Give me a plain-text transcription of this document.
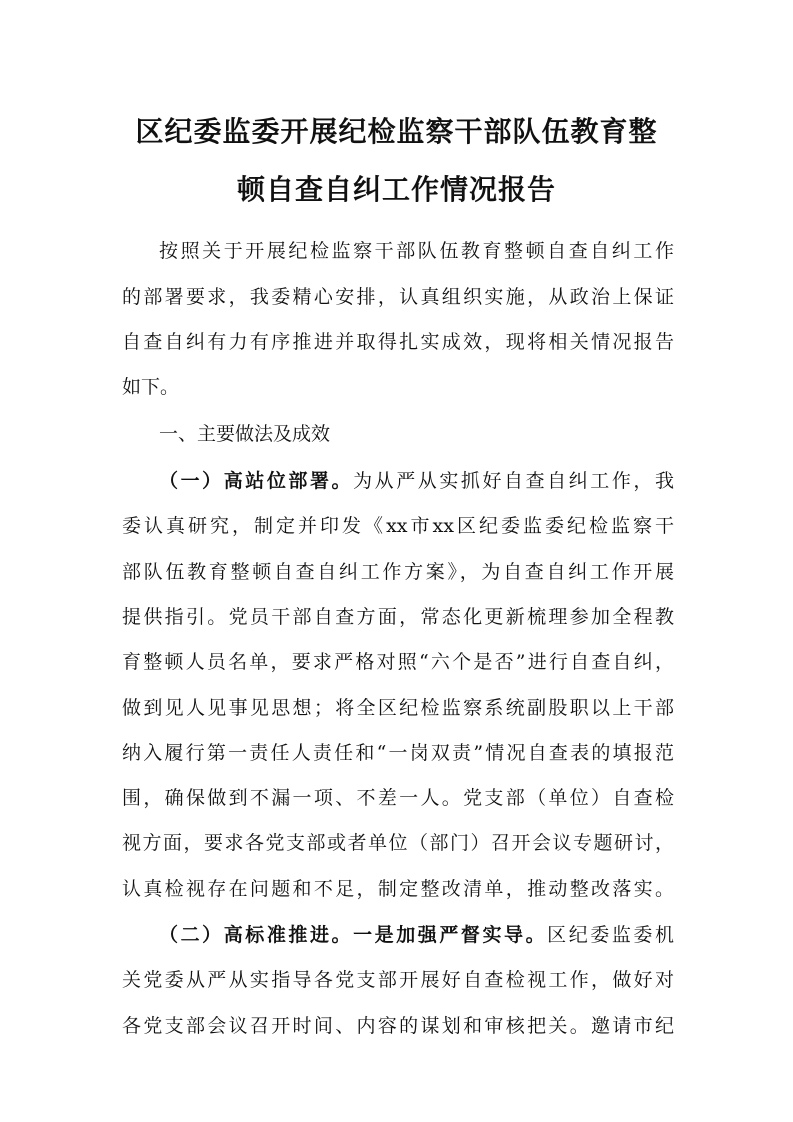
区纪委监委开展纪检监察干部队伍教育整
顿自查自纠工作情况报告
按照关于开展纪检监察干部队伍教育整顿自查自纠工作
的部署要求，我委精心安排，认真组织实施，从政治上保证
自查自纠有力有序推进并取得扎实成效，现将相关情况报告
如下。
一、主要做法及成效
（一）高站位部署。为从严从实抓好自查自纠工作，我
委认真研究，制定并印发《xx市xx区纪委监委纪检监察干
部队伍教育整顿自查自纠工作方案》，为自查自纠工作开展
提供指引。党员干部自查方面，常态化更新梳理参加全程教
育整顿人员名单，要求严格对照“六个是否”进行自查自纠，
做到见人见事见思想；将全区纪检监察系统副股职以上干部
纳入履行第一责任人责任和“一岗双责”情况自查表的填报范
围，确保做到不漏一项、不差一人。党支部（单位）自查检
视方面，要求各党支部或者单位（部门）召开会议专题研讨，
认真检视存在问题和不足，制定整改清单，推动整改落实。
（二）高标准推进。一是加强严督实导。区纪委监委机
关党委从严从实指导各党支部开展好自查检视工作，做好对
各党支部会议召开时间、内容的谋划和审核把关。邀请市纪
